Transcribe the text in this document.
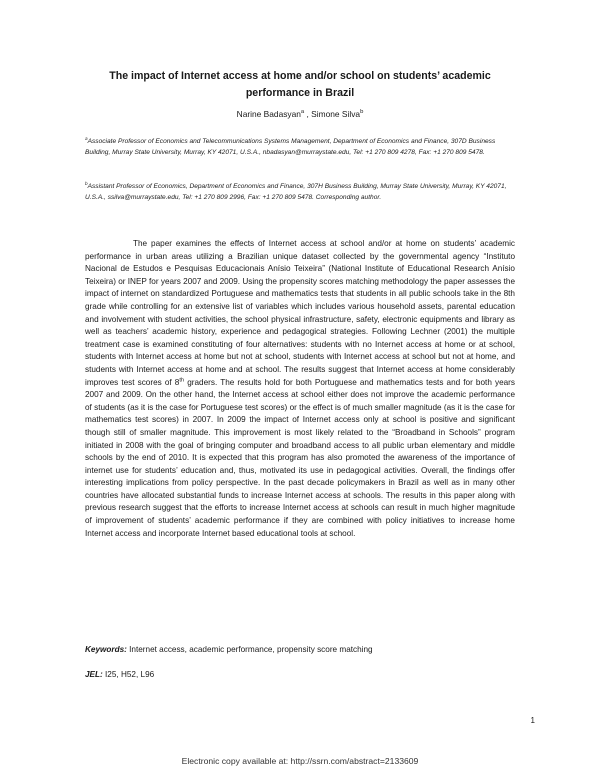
The impact of Internet access at home and/or school on students’ academic
performance in Brazil
Narine Badasyan$^a$ , Simone Silva$^b$
$^a$Associate Professor of Economics and Telecommunications Systems Management, Department of Economics and Finance, 307D Business Building, Murray State University, Murray, KY 42071, U.S.A., nbadasyan@murraystate.edu, Tel: +1 270 809 4278, Fax: +1 270 809 5478.
$^b$Assistant Professor of Economics, Department of Economics and Finance, 307H Business Building, Murray State University, Murray, KY 42071, U.S.A., ssilva@murraystate.edu, Tel: +1 270 809 2996, Fax: +1 270 809 5478. Corresponding author.

The paper examines the effects of Internet access at school and/or at home on students’ academic performance in urban areas utilizing a Brazilian unique dataset collected by the governmental agency “Instituto Nacional de Estudos e Pesquisas Educacionais Anísio Teixeira” (National Institute of Educational Research Anísio Teixeira) or INEP for years 2007 and 2009. Using the propensity scores matching methodology the paper assesses the impact of internet on standardized Portuguese and mathematics tests that students in all public schools take in the 8th grade while controlling for an extensive list of variables which includes various household assets, parental education and involvement with student activities, the school physical infrastructure, safety, electronic equipments and library as well as teachers’ academic history, experience and pedagogical strategies. Following Lechner (2001) the multiple treatment case is examined constituting of four alternatives: students with no Internet access at home or at school, students with Internet access at home but not at school, students with Internet access at school but not at home, and students with Internet access at home and at school. The results suggest that Internet access at home considerably improves test scores of 8th graders. The results hold for both Portuguese and mathematics tests and for both years 2007 and 2009. On the other hand, the Internet access at school either does not improve the academic performance of students (as it is the case for Portuguese test scores) or the effect is of much smaller magnitude (as it is the case for mathematics test scores) in 2007. In 2009 the impact of Internet access only at school is positive and significant though still of smaller magnitude. This improvement is most likely related to the “Broadband in Schools” program initiated in 2008 with the goal of bringing computer and broadband access to all public urban elementary and middle schools by the end of 2010. It is expected that this program has also promoted the awareness of the importance of internet use for students’ education and, thus, motivated its use in pedagogical activities. Overall, the findings offer interesting implications from policy perspective. In the past decade policymakers in Brazil as well as in many other countries have allocated substantial funds to increase Internet access at schools. The results in this paper along with previous research suggest that the efforts to increase Internet access at schools can result in much higher magnitude of improvement of students’ academic performance if they are combined with policy initiatives to increase home Internet access and incorporate Internet based educational tools at school.

Keywords: Internet access, academic performance, propensity score matching
JEL: I25, H52, L96
1
Electronic copy available at: http://ssrn.com/abstract=2133609
